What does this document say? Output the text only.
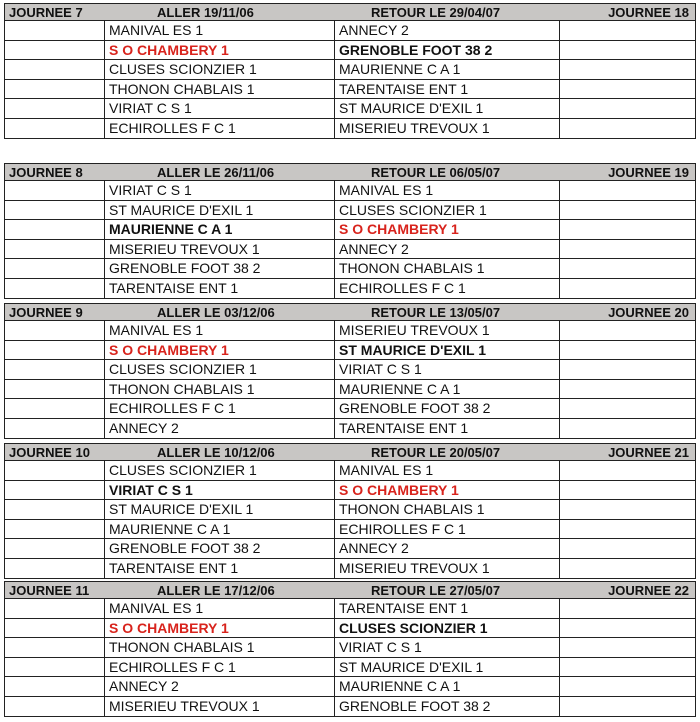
JOURNEE 7	ALLER 19/11/06	RETOUR LE 29/04/07	JOURNEE 18
MANIVAL ES 1	ANNECY 2
S O CHAMBERY 1	GRENOBLE FOOT 38 2
CLUSES SCIONZIER 1	MAURIENNE C A 1
THONON CHABLAIS 1	TARENTAISE ENT 1
VIRIAT C S 1	ST MAURICE D'EXIL 1
ECHIROLLES F C 1	MISERIEU TREVOUX 1
JOURNEE 8	ALLER LE 26/11/06	RETOUR LE 06/05/07	JOURNEE 19
VIRIAT C S 1	MANIVAL ES 1
ST MAURICE D'EXIL 1	CLUSES SCIONZIER 1
MAURIENNE C A 1	S O CHAMBERY 1
MISERIEU TREVOUX 1	ANNECY 2
GRENOBLE FOOT 38 2	THONON CHABLAIS 1
TARENTAISE ENT 1	ECHIROLLES F C 1
JOURNEE 9	ALLER LE 03/12/06	RETOUR LE 13/05/07	JOURNEE 20
MANIVAL ES 1	MISERIEU TREVOUX 1
S O CHAMBERY 1	ST MAURICE D'EXIL 1
CLUSES SCIONZIER 1	VIRIAT C S 1
THONON CHABLAIS 1	MAURIENNE C A 1
ECHIROLLES F C 1	GRENOBLE FOOT 38 2
ANNECY 2	TARENTAISE ENT 1
JOURNEE 10	ALLER LE 10/12/06	RETOUR LE 20/05/07	JOURNEE 21
CLUSES SCIONZIER 1	MANIVAL ES 1
VIRIAT C S 1	S O CHAMBERY 1
ST MAURICE D'EXIL 1	THONON CHABLAIS 1
MAURIENNE C A 1	ECHIROLLES F C 1
GRENOBLE FOOT 38 2	ANNECY 2
TARENTAISE ENT 1	MISERIEU TREVOUX 1
JOURNEE 11	ALLER LE 17/12/06	RETOUR LE 27/05/07	JOURNEE 22
MANIVAL ES 1	TARENTAISE ENT 1
S O CHAMBERY 1	CLUSES SCIONZIER 1
THONON CHABLAIS 1	VIRIAT C S 1
ECHIROLLES F C 1	ST MAURICE D'EXIL 1
ANNECY 2	MAURIENNE C A 1
MISERIEU TREVOUX 1	GRENOBLE FOOT 38 2
